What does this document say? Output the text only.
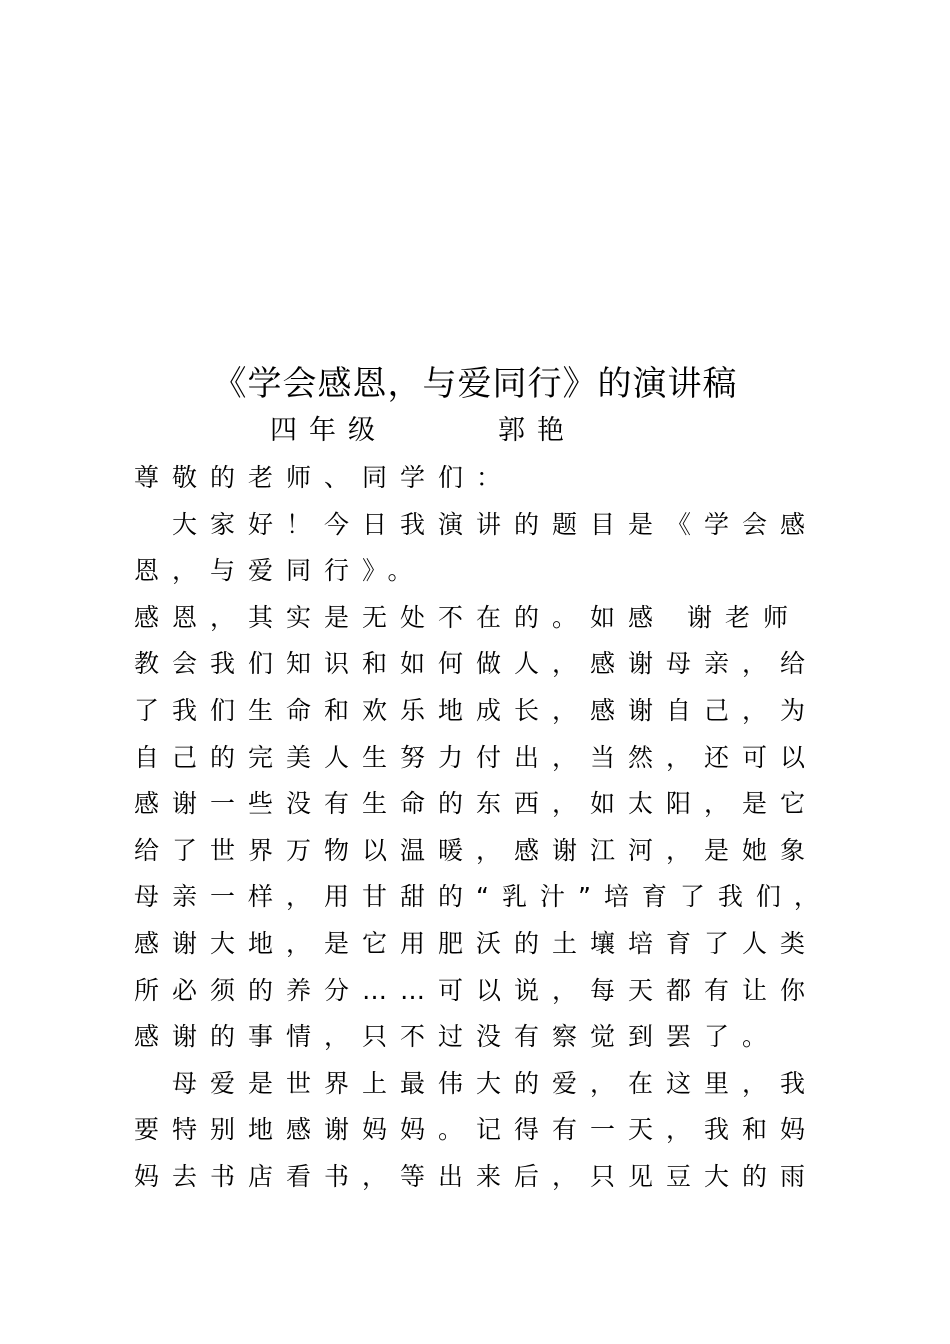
《学会感恩，与爱同行》的演讲稿
四年级	郭艳
尊敬的老师、同学们：
大家好！今日我演讲的题目是《学会感
恩，与爱同行》。
感恩，其实是无处不在的。如感 谢老师
教会我们知识和如何做人，感谢母亲，给
了我们生命和欢乐地成长，感谢自己，为
自己的完美人生努力付出，当然，还可以
感谢一些没有生命的东西，如太阳，是它
给了世界万物以温暖，感谢江河，是她象
母亲一样，用甘甜的“乳汁”培育了我们，
感谢大地，是它用肥沃的土壤培育了人类
所必须的养分……可以说，每天都有让你
感谢的事情，只不过没有察觉到罢了。
母爱是世界上最伟大的爱，在这里，我
要特别地感谢妈妈。记得有一天，我和妈
妈去书店看书，等出来后，只见豆大的雨
